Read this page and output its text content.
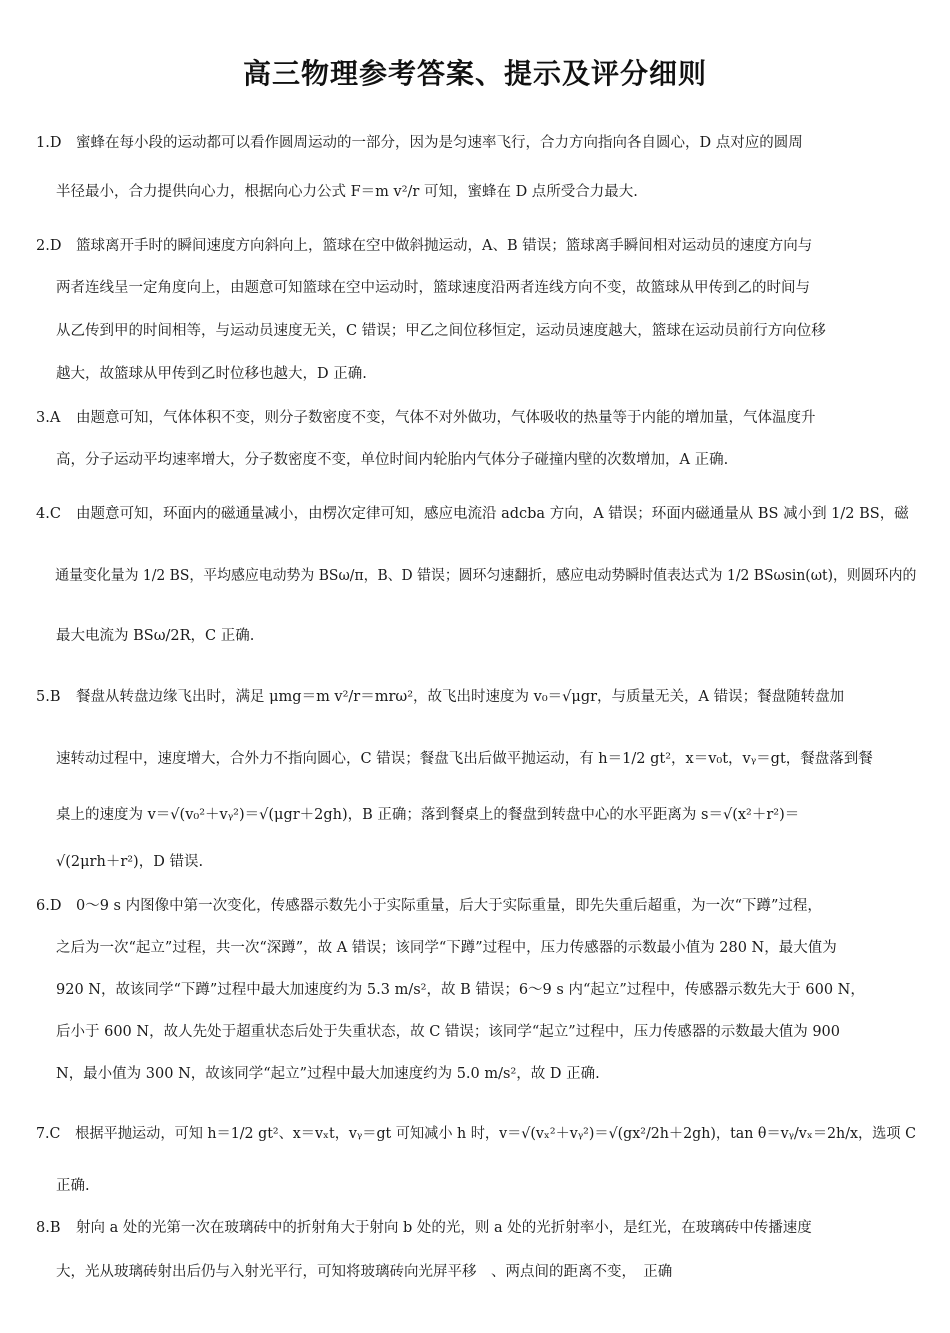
高三物理参考答案、提示及评分细则
1.D 蜜蜂在每小段的运动都可以看作圆周运动的一部分，因为是匀速率飞行，合力方向指向各自圆心，D 点对应的圆周
半径最小，合力提供向心力，根据向心力公式 F＝m v²/r 可知，蜜蜂在 D 点所受合力最大.
2.D 篮球离开手时的瞬间速度方向斜向上，篮球在空中做斜抛运动，A、B 错误；篮球离手瞬间相对运动员的速度方向与
两者连线呈一定角度向上，由题意可知篮球在空中运动时，篮球速度沿两者连线方向不变，故篮球从甲传到乙的时间与
从乙传到甲的时间相等，与运动员速度无关，C 错误；甲乙之间位移恒定，运动员速度越大，篮球在运动员前行方向位移
越大，故篮球从甲传到乙时位移也越大，D 正确.
3.A 由题意可知，气体体积不变，则分子数密度不变，气体不对外做功，气体吸收的热量等于内能的增加量，气体温度升
高，分子运动平均速率增大，分子数密度不变，单位时间内轮胎内气体分子碰撞内壁的次数增加，A 正确.
4.C 由题意可知，环面内的磁通量减小，由楞次定律可知，感应电流沿 adcba 方向，A 错误；环面内磁通量从 BS 减小到 1/2 BS，磁
通量变化量为 1/2 BS，平均感应电动势为 BSω/π，B、D 错误；圆环匀速翻折，感应电动势瞬时值表达式为 1/2 BSωsin(ωt)，则圆环内的
最大电流为 BSω/2R，C 正确.
5.B 餐盘从转盘边缘飞出时，满足 μmg＝m v²/r＝mrω²，故飞出时速度为 v₀＝√μgr，与质量无关，A 错误；餐盘随转盘加
速转动过程中，速度增大，合外力不指向圆心，C 错误；餐盘飞出后做平抛运动，有 h＝1/2 gt²，x＝v₀t，vᵧ＝gt，餐盘落到餐
桌上的速度为 v＝√(v₀²＋vᵧ²)＝√(μgr＋2gh)，B 正确；落到餐桌上的餐盘到转盘中心的水平距离为 s＝√(x²＋r²)＝
√(2μrh＋r²)，D 错误.
6.D 0～9 s 内图像中第一次变化，传感器示数先小于实际重量，后大于实际重量，即先失重后超重，为一次“下蹲”过程，
之后为一次“起立”过程，共一次“深蹲”，故 A 错误；该同学“下蹲”过程中，压力传感器的示数最小值为 280 N，最大值为
920 N，故该同学“下蹲”过程中最大加速度约为 5.3 m/s²，故 B 错误；6～9 s 内“起立”过程中，传感器示数先大于 600 N，
后小于 600 N，故人先处于超重状态后处于失重状态，故 C 错误；该同学“起立”过程中，压力传感器的示数最大值为 900
N，最小值为 300 N，故该同学“起立”过程中最大加速度约为 5.0 m/s²，故 D 正确.
7.C 根据平抛运动，可知 h＝1/2 gt²、x＝vₓt，vᵧ＝gt 可知减小 h 时，v＝√(vₓ²＋vᵧ²)＝√(gx²/2h＋2gh)，tan θ＝vᵧ/vₓ＝2h/x，选项 C
正确.
8.B 射向 a 处的光第一次在玻璃砖中的折射角大于射向 b 处的光，则 a 处的光折射率小，是红光，在玻璃砖中传播速度
大，光从玻璃砖射出后仍与入射光平行，可知将玻璃砖向光屏平移　、两点间的距离不变，　正确
